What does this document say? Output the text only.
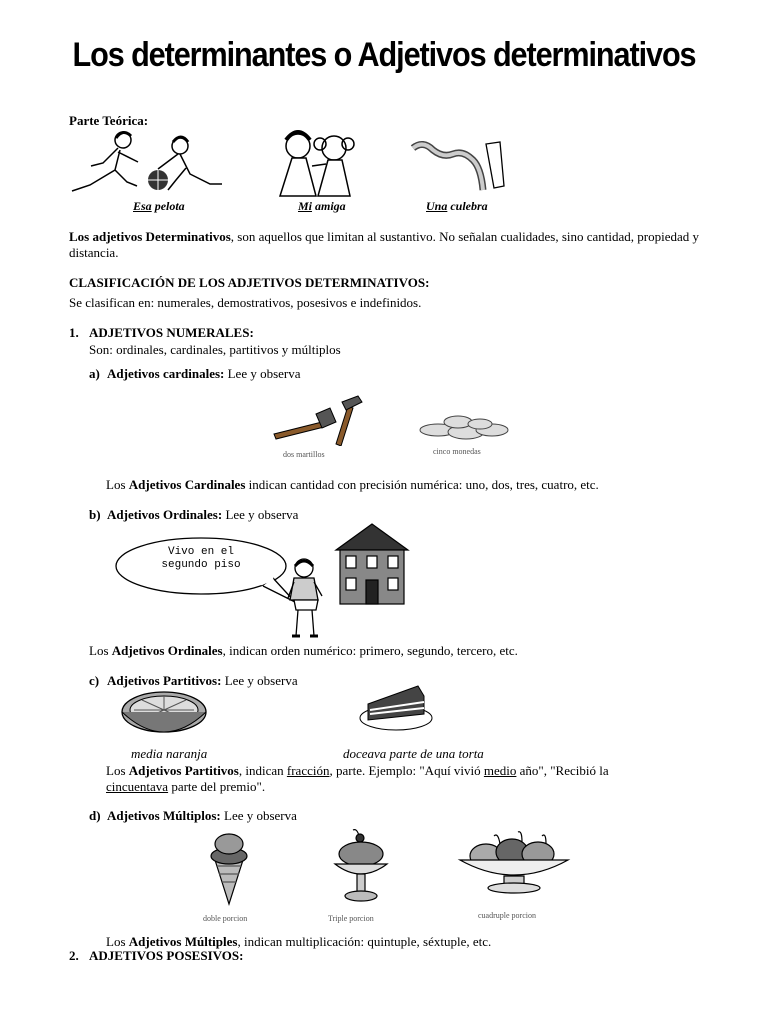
Los determinantes o Adjetivos determinativos
Parte Teórica:
Esa pelota	Mi amiga	Una culebra
Los adjetivos Determinativos, son aquellos que limitan al sustantivo. No señalan cualidades, sino cantidad, propiedad y distancia.
CLASIFICACIÓN DE LOS ADJETIVOS DETERMINATIVOS:
Se clasifican en: numerales, demostrativos, posesivos e indefinidos.
1. ADJETIVOS NUMERALES:
Son: ordinales, cardinales, partitivos y múltiplos
a) Adjetivos cardinales: Lee y observa
dos martillos	cinco monedas
Los Adjetivos Cardinales indican cantidad con precisión numérica: uno, dos, tres, cuatro, etc.
b) Adjetivos Ordinales: Lee y observa
Vivo en el segundo piso
Los Adjetivos Ordinales, indican orden numérico: primero, segundo, tercero, etc.
c) Adjetivos Partitivos: Lee y observa
media naranja	doceava parte de una torta
Los Adjetivos Partitivos, indican fracción, parte. Ejemplo: "Aquí vivió medio año", "Recibió la cincuentava parte del premio".
d) Adjetivos Múltiplos: Lee y observa
doble porcion	Triple porcion	cuadruple porcion
Los Adjetivos Múltiples, indican multiplicación: quintuple, séxtuple, etc.
2. ADJETIVOS POSESIVOS:
